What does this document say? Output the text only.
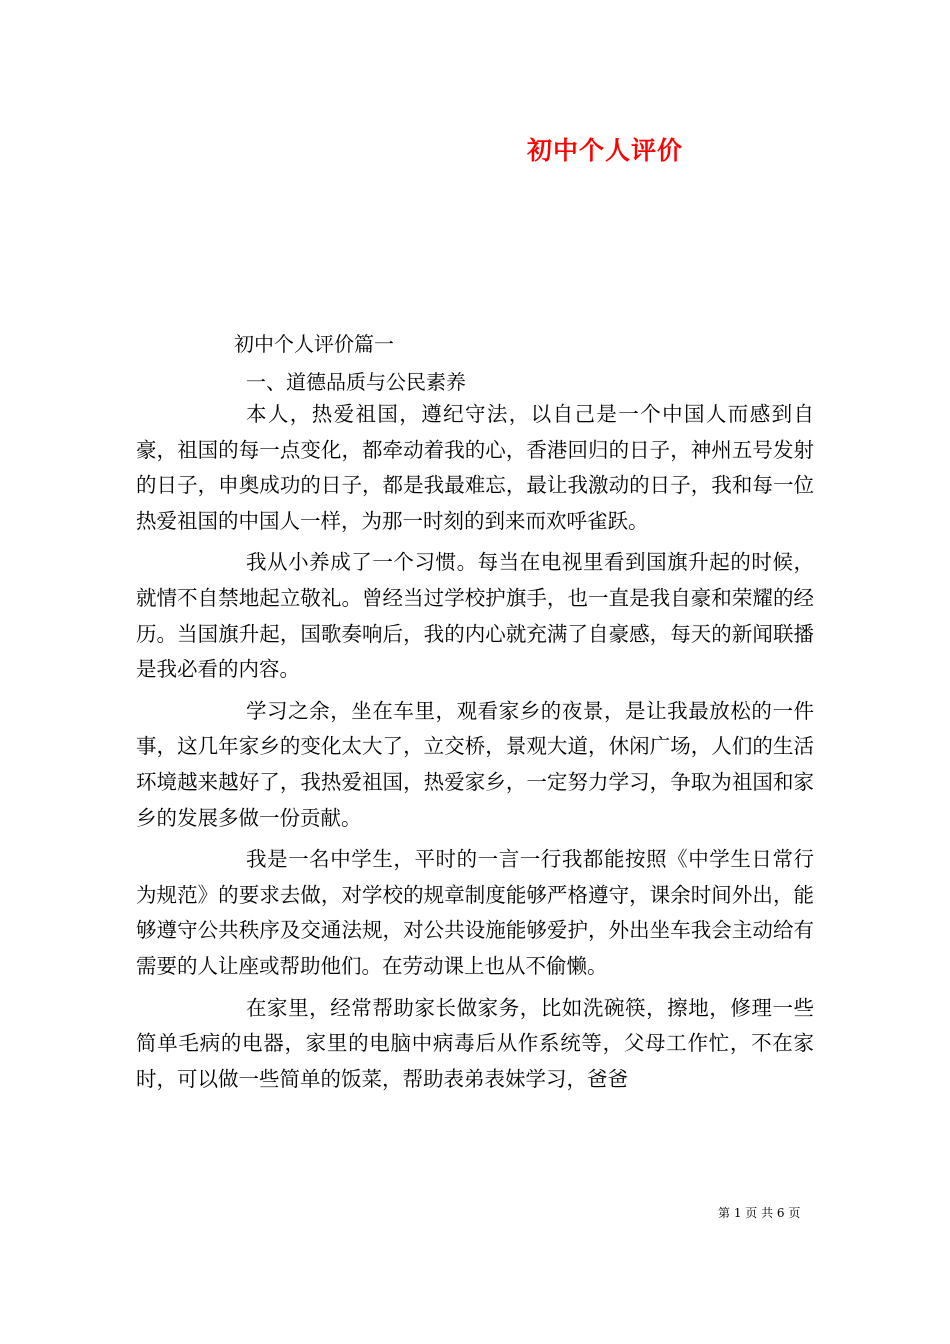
初中个人评价
初中个人评价篇一
一、道德品质与公民素养

本人，热爱祖国，遵纪守法，以自己是一个中国人而感到自豪，祖国的每一点变化，都牵动着我的心，香港回归的日子，神州五号发射的日子，申奥成功的日子，都是我最难忘，最让我激动的日子，我和每一位热爱祖国的中国人一样，为那一时刻的到来而欢呼雀跃。

我从小养成了一个习惯。每当在电视里看到国旗升起的时候，就情不自禁地起立敬礼。曾经当过学校护旗手，也一直是我自豪和荣耀的经历。当国旗升起，国歌奏响后，我的内心就充满了自豪感，每天的新闻联播是我必看的内容。

学习之余，坐在车里，观看家乡的夜景，是让我最放松的一件事，这几年家乡的变化太大了，立交桥，景观大道，休闲广场，人们的生活环境越来越好了，我热爱祖国，热爱家乡，一定努力学习，争取为祖国和家乡的发展多做一份贡献。

我是一名中学生，平时的一言一行我都能按照《中学生日常行为规范》的要求去做，对学校的规章制度能够严格遵守，课余时间外出，能够遵守公共秩序及交通法规，对公共设施能够爱护，外出坐车我会主动给有需要的人让座或帮助他们。在劳动课上也从不偷懒。

在家里，经常帮助家长做家务，比如洗碗筷，擦地，修理一些简单毛病的电器，家里的电脑中病毒后从作系统等，父母工作忙，不在家时，可以做一些简单的饭菜，帮助表弟表妹学习，爸爸

第 1 页 共 6 页
